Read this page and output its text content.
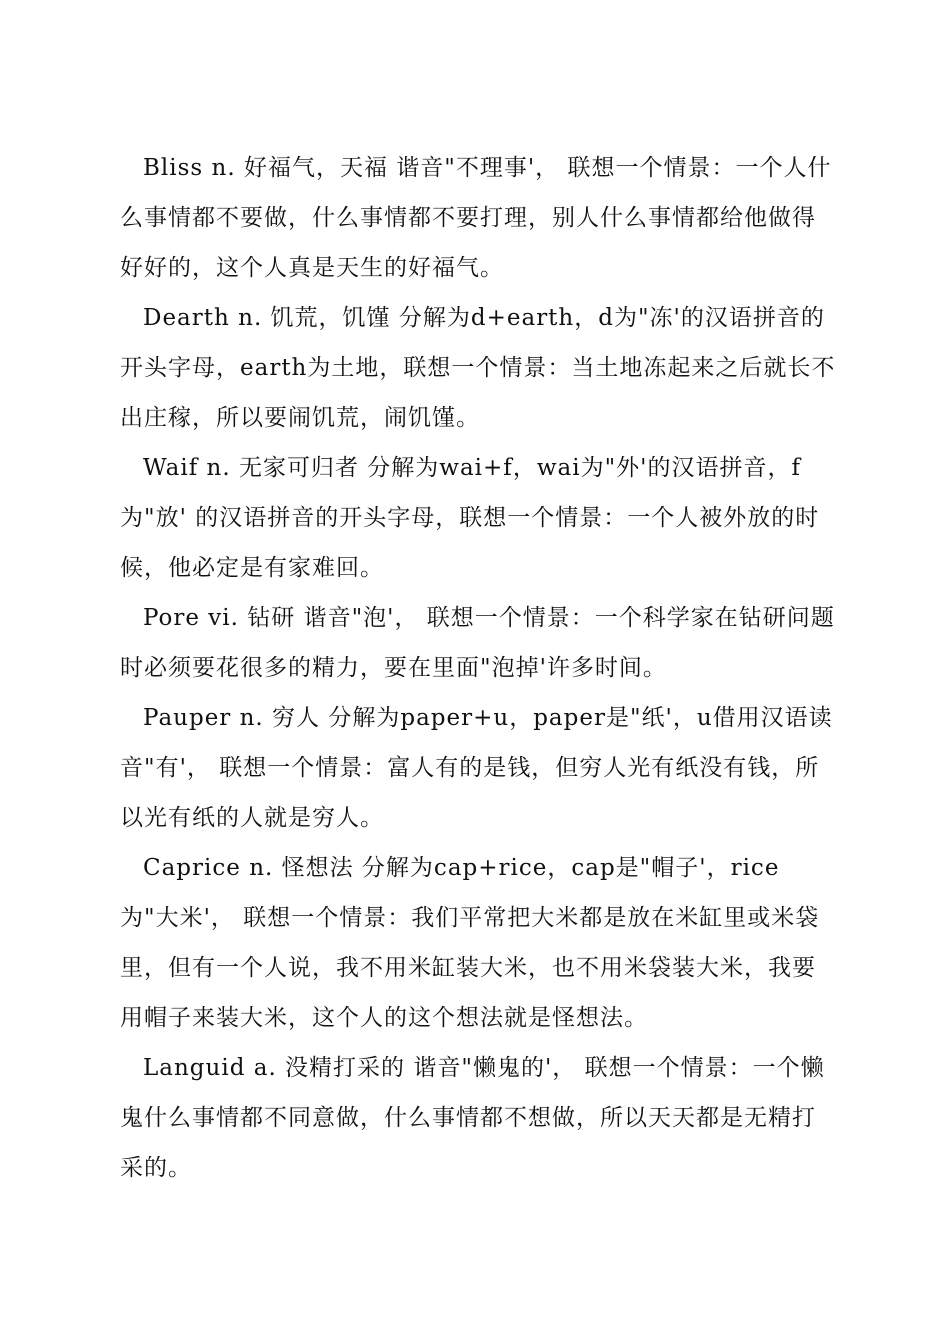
Bliss n. 好福气，天福 谐音"不理事'， 联想一个情景：一个人什么事情都不要做，什么事情都不要打理，别人什么事情都给他做得好好的，这个人真是天生的好福气。

Dearth n. 饥荒，饥馑 分解为d+earth，d为"冻'的汉语拼音的开头字母，earth为土地，联想一个情景：当土地冻起来之后就长不出庄稼，所以要闹饥荒，闹饥馑。

Waif n. 无家可归者 分解为wai+f，wai为"外'的汉语拼音，f为"放' 的汉语拼音的开头字母，联想一个情景：一个人被外放的时候，他必定是有家难回。

Pore vi. 钻研 谐音"泡'， 联想一个情景：一个科学家在钻研问题时必须要花很多的精力，要在里面"泡掉'许多时间。

Pauper n. 穷人 分解为paper+u，paper是"纸'，u借用汉语读音"有'， 联想一个情景：富人有的是钱，但穷人光有纸没有钱，所以光有纸的人就是穷人。

Caprice n. 怪想法 分解为cap+rice，cap是"帽子'，rice为"大米'， 联想一个情景：我们平常把大米都是放在米缸里或米袋里，但有一个人说，我不用米缸装大米，也不用米袋装大米，我要用帽子来装大米，这个人的这个想法就是怪想法。

Languid a. 没精打采的 谐音"懒鬼的'， 联想一个情景：一个懒鬼什么事情都不同意做，什么事情都不想做，所以天天都是无精打采的。
